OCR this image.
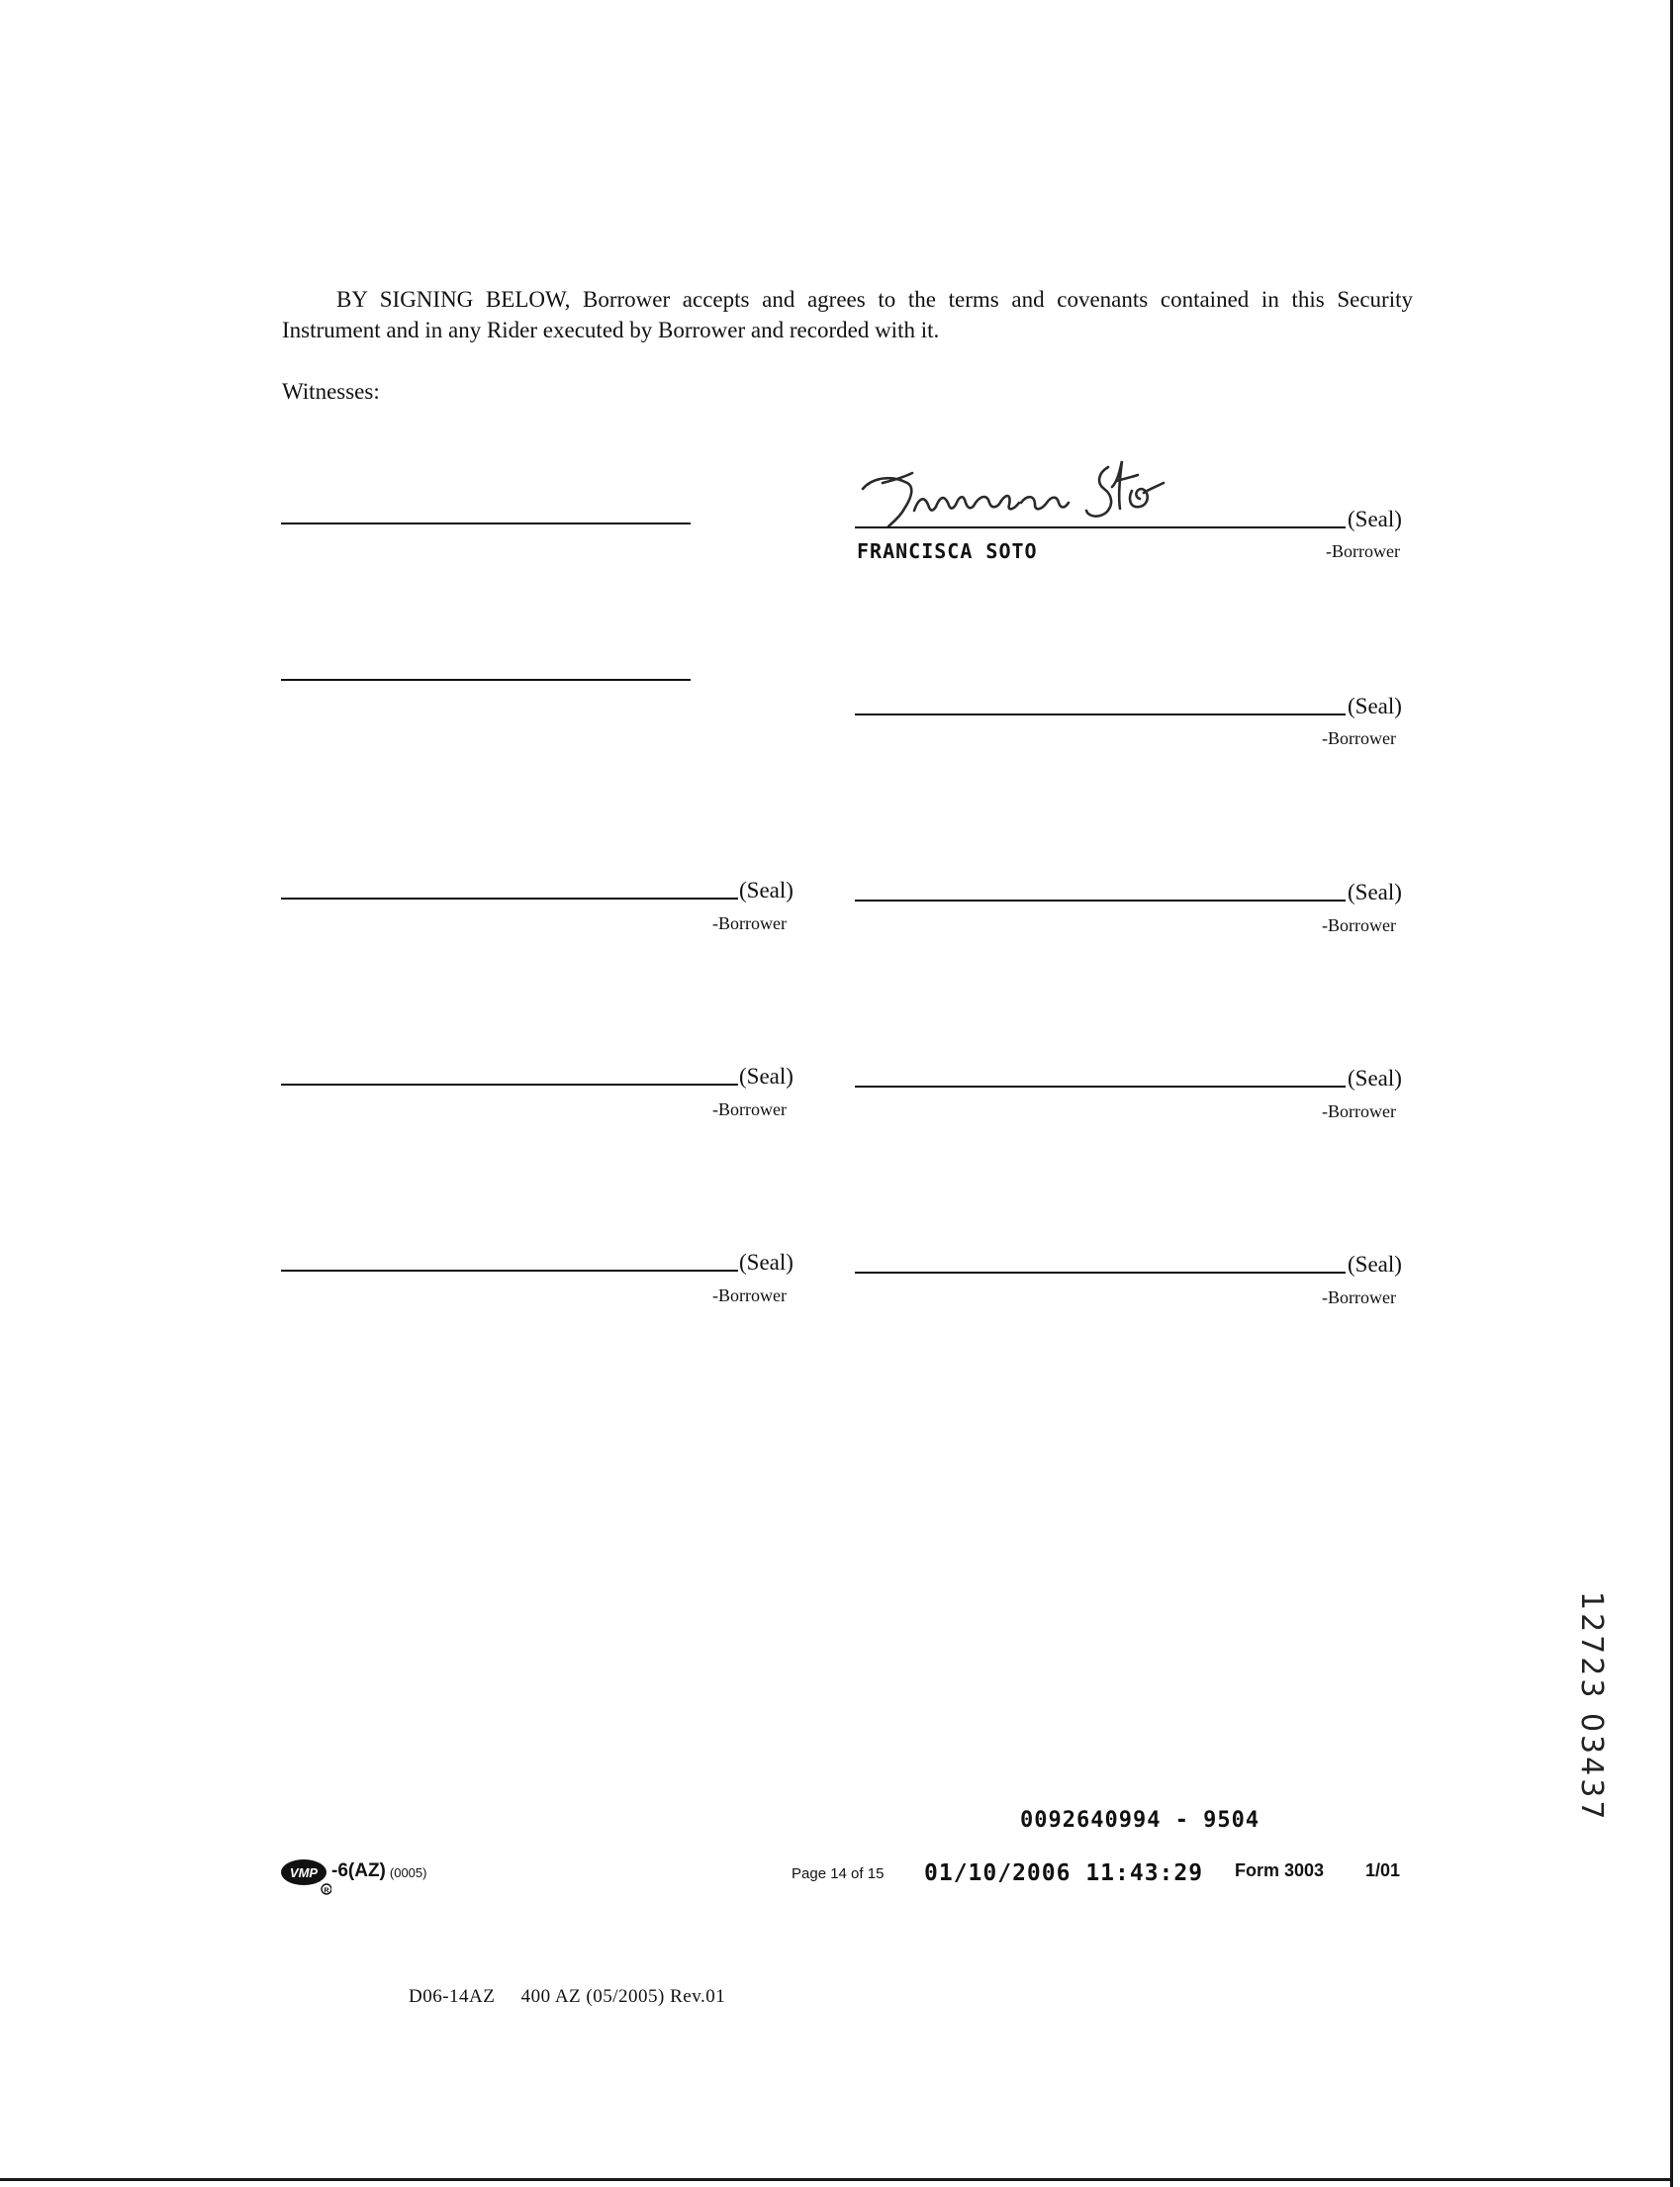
BY SIGNING BELOW, Borrower accepts and agrees to the terms and covenants contained in this Security Instrument and in any Rider executed by Borrower and recorded with it.

Witnesses:

(Seal)
FRANCISCA SOTO	-Borrower
(Seal)
-Borrower
(Seal)
-Borrower
(Seal)
-Borrower
(Seal)
-Borrower
(Seal)
-Borrower
(Seal)
-Borrower
(Seal)
-Borrower
0092640994 - 9504
VMP
R
-6(AZ) (0005)	Page 14 of 15 01/10/2006 11:43:29 Form 3003 1/01
D06-14AZ     400 AZ (05/2005) Rev.01
12723 03437
